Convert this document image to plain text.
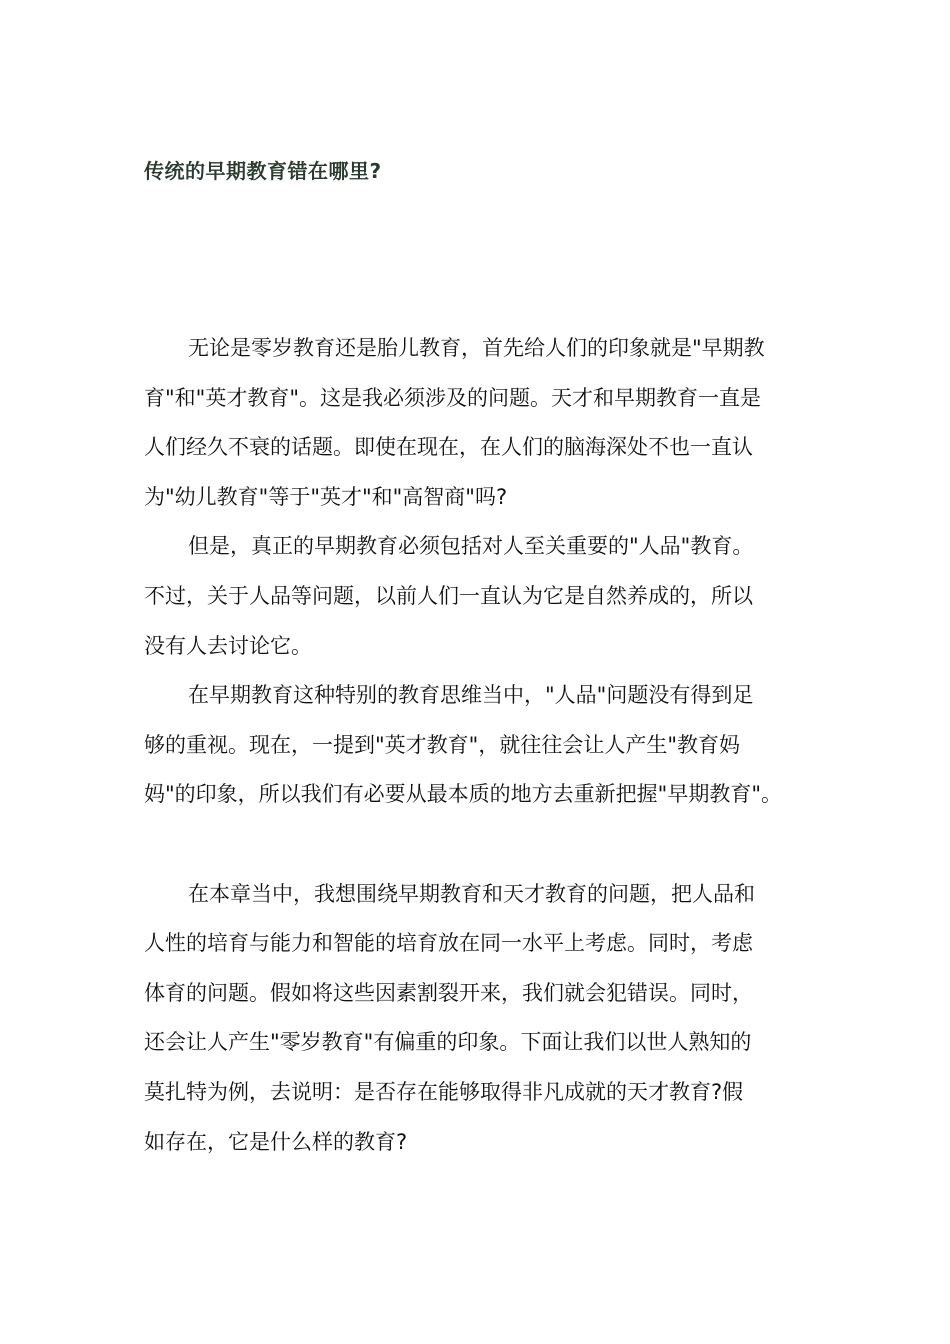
传统的早期教育错在哪里?
无论是零岁教育还是胎儿教育，首先给人们的印象就是"早期教
育"和"英才教育"。这是我必须涉及的问题。天才和早期教育一直是
人们经久不衰的话题。即使在现在，在人们的脑海深处不也一直认
为"幼儿教育"等于"英才"和"高智商"吗?
但是，真正的早期教育必须包括对人至关重要的"人品"教育。
不过，关于人品等问题，以前人们一直认为它是自然养成的，所以
没有人去讨论它。
在早期教育这种特别的教育思维当中，"人品"问题没有得到足
够的重视。现在，一提到"英才教育"，就往往会让人产生"教育妈
妈"的印象，所以我们有必要从最本质的地方去重新把握"早期教育"。
在本章当中，我想围绕早期教育和天才教育的问题，把人品和
人性的培育与能力和智能的培育放在同一水平上考虑。同时，考虑
体育的问题。假如将这些因素割裂开来，我们就会犯错误。同时，
还会让人产生"零岁教育"有偏重的印象。下面让我们以世人熟知的
莫扎特为例，去说明：是否存在能够取得非凡成就的天才教育?假
如存在，它是什么样的教育?
